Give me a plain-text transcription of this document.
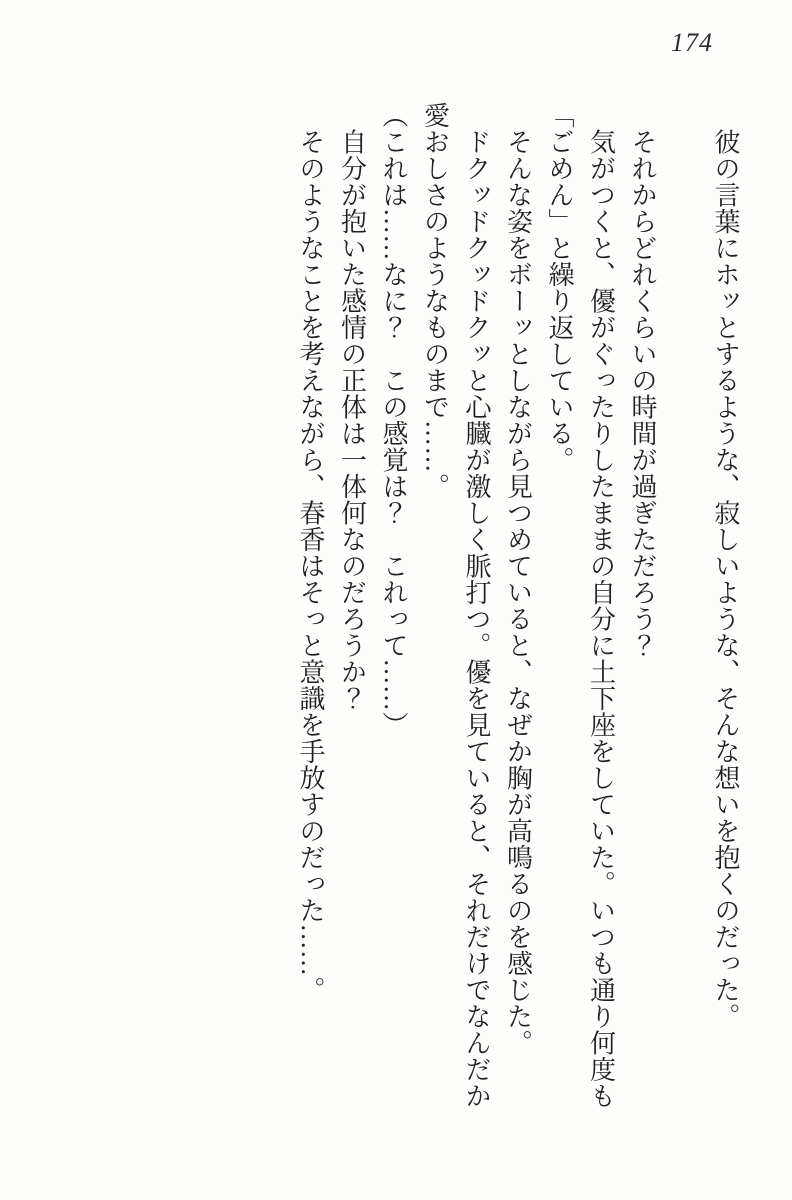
174
　彼の言葉にホッとするような、寂しいような、そんな想いを抱くのだった。

　それからどれくらいの時間が過ぎただろう？
　気がつくと、優がぐったりしたままの自分に土下座をしていた。いつも通り何度も
「ごめん」と繰り返している。
　そんな姿をボーッとしながら見つめていると、なぜか胸が高鳴るのを感じた。
　ドクッドクッドクッと心臓が激しく脈打つ。優を見ていると、それだけでなんだか
愛おしさのようなものまで……。
（これは……なに？　この感覚は？　これって……）
　自分が抱いた感情の正体は一体何なのだろうか？
　そのようなことを考えながら、春香はそっと意識を手放すのだった……。
